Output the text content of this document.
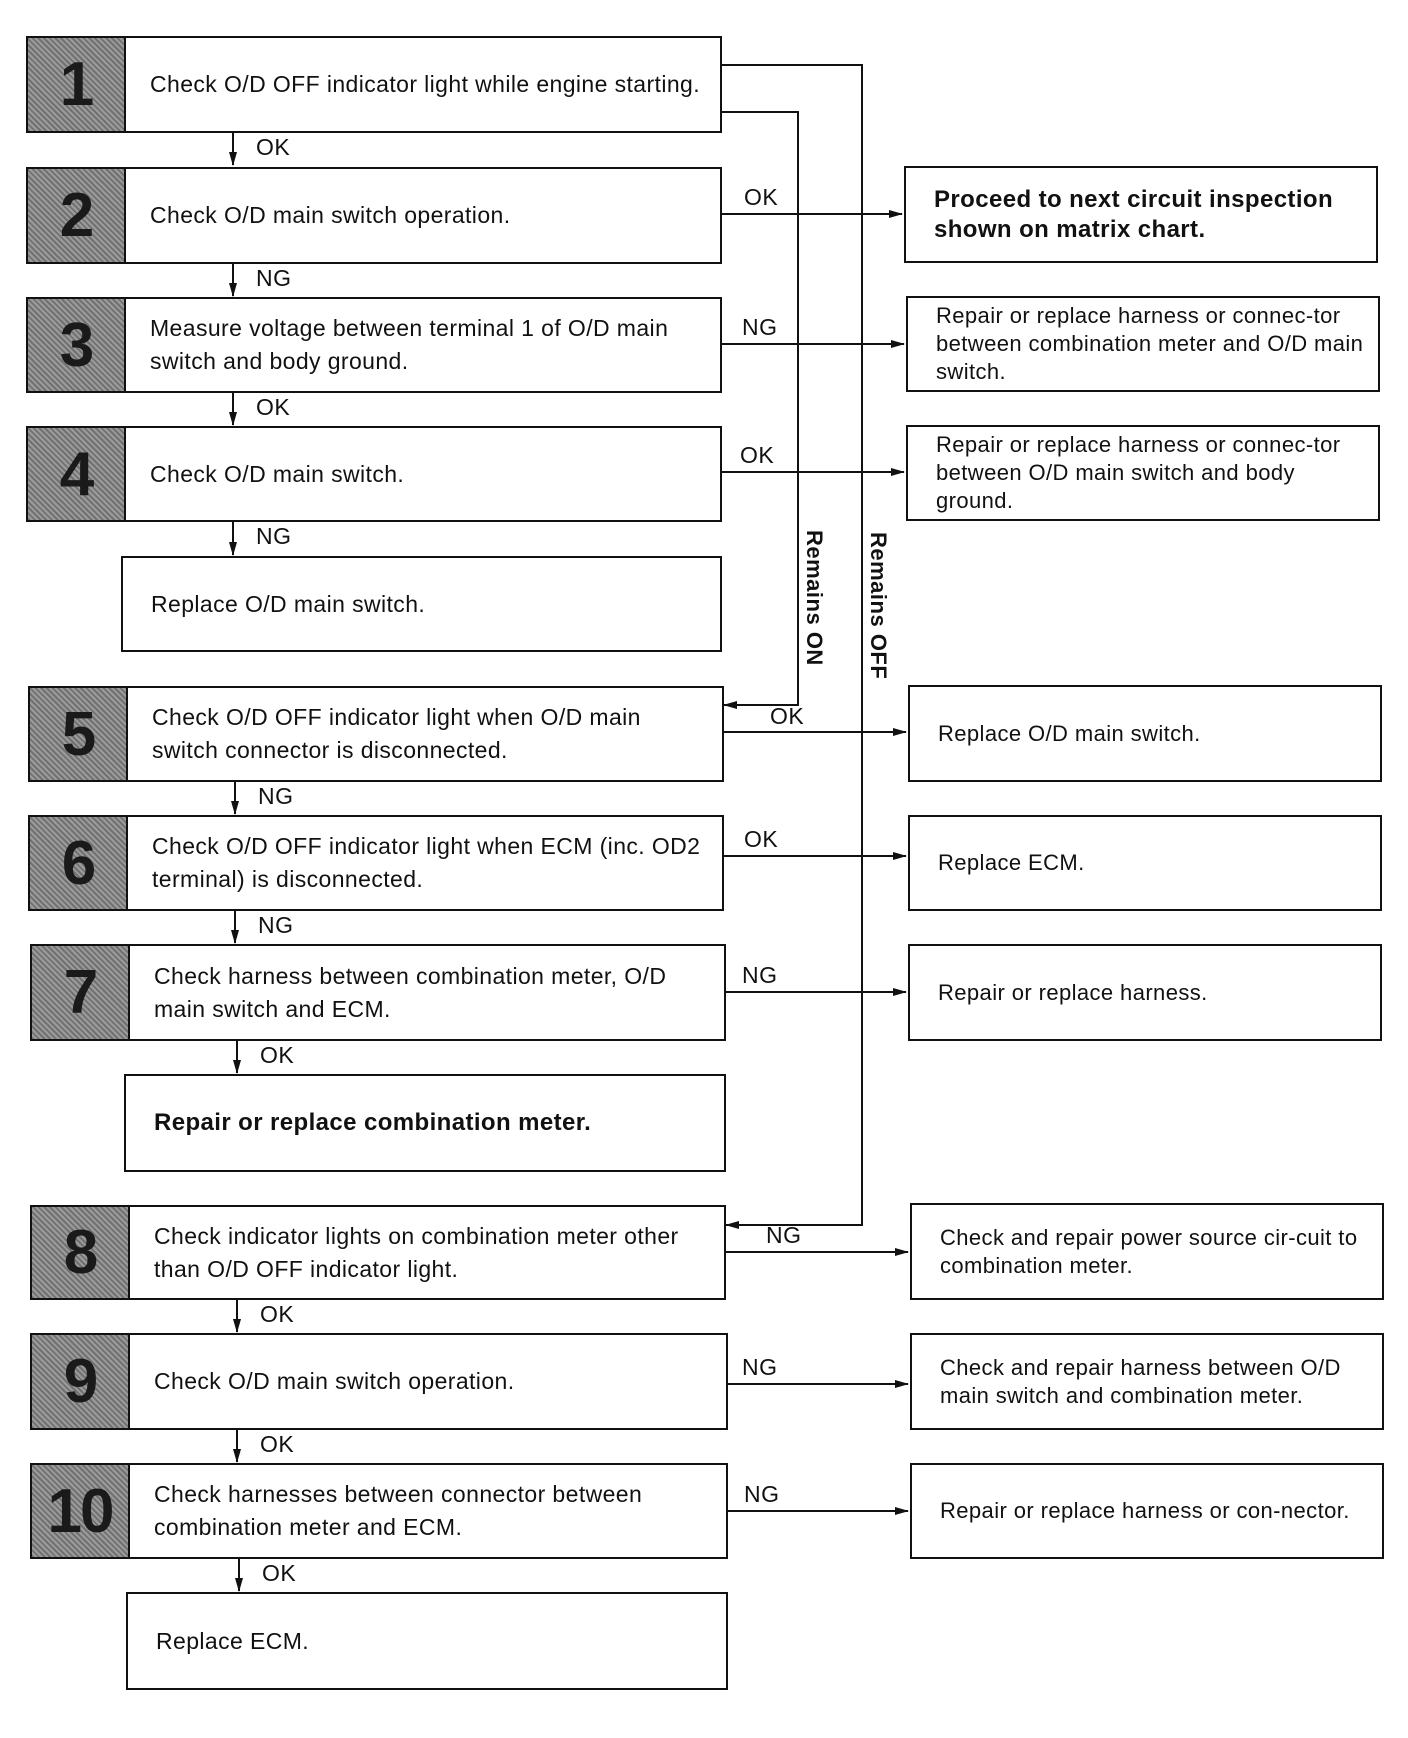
1	Check O/D OFF indicator light while engine starting.
2	Check O/D main switch operation.
3	Measure voltage between terminal 1 of O/D main switch and body ground.
4	Check O/D main switch.
Replace O/D main switch.
5	Check O/D OFF indicator light when O/D main switch connector is disconnected.
6	Check O/D OFF indicator light when ECM (inc. OD2 terminal) is disconnected.
7	Check harness between combination meter, O/D main switch and ECM.
Repair or replace combination meter.
8	Check indicator lights on combination meter other than O/D OFF indicator light.
9	Check O/D main switch operation.
10	Check harnesses between connector between combination meter and ECM.
Replace ECM.
Proceed to next circuit inspection shown on matrix chart.
Repair or replace harness or connec-tor between combination meter and O/D main switch.
Repair or replace harness or connec-tor between O/D main switch and body ground.
Replace O/D main switch.
Replace ECM.
Repair or replace harness.
Check and repair power source cir-cuit to combination meter.
Check and repair harness between O/D main switch and combination meter.
Repair or replace harness or con-nector.
OK
NG
OK
NG
NG
NG
OK
OK
OK
OK
OK
NG
OK
OK
OK
NG
NG
NG
NG
Remains ON Remains OFF
